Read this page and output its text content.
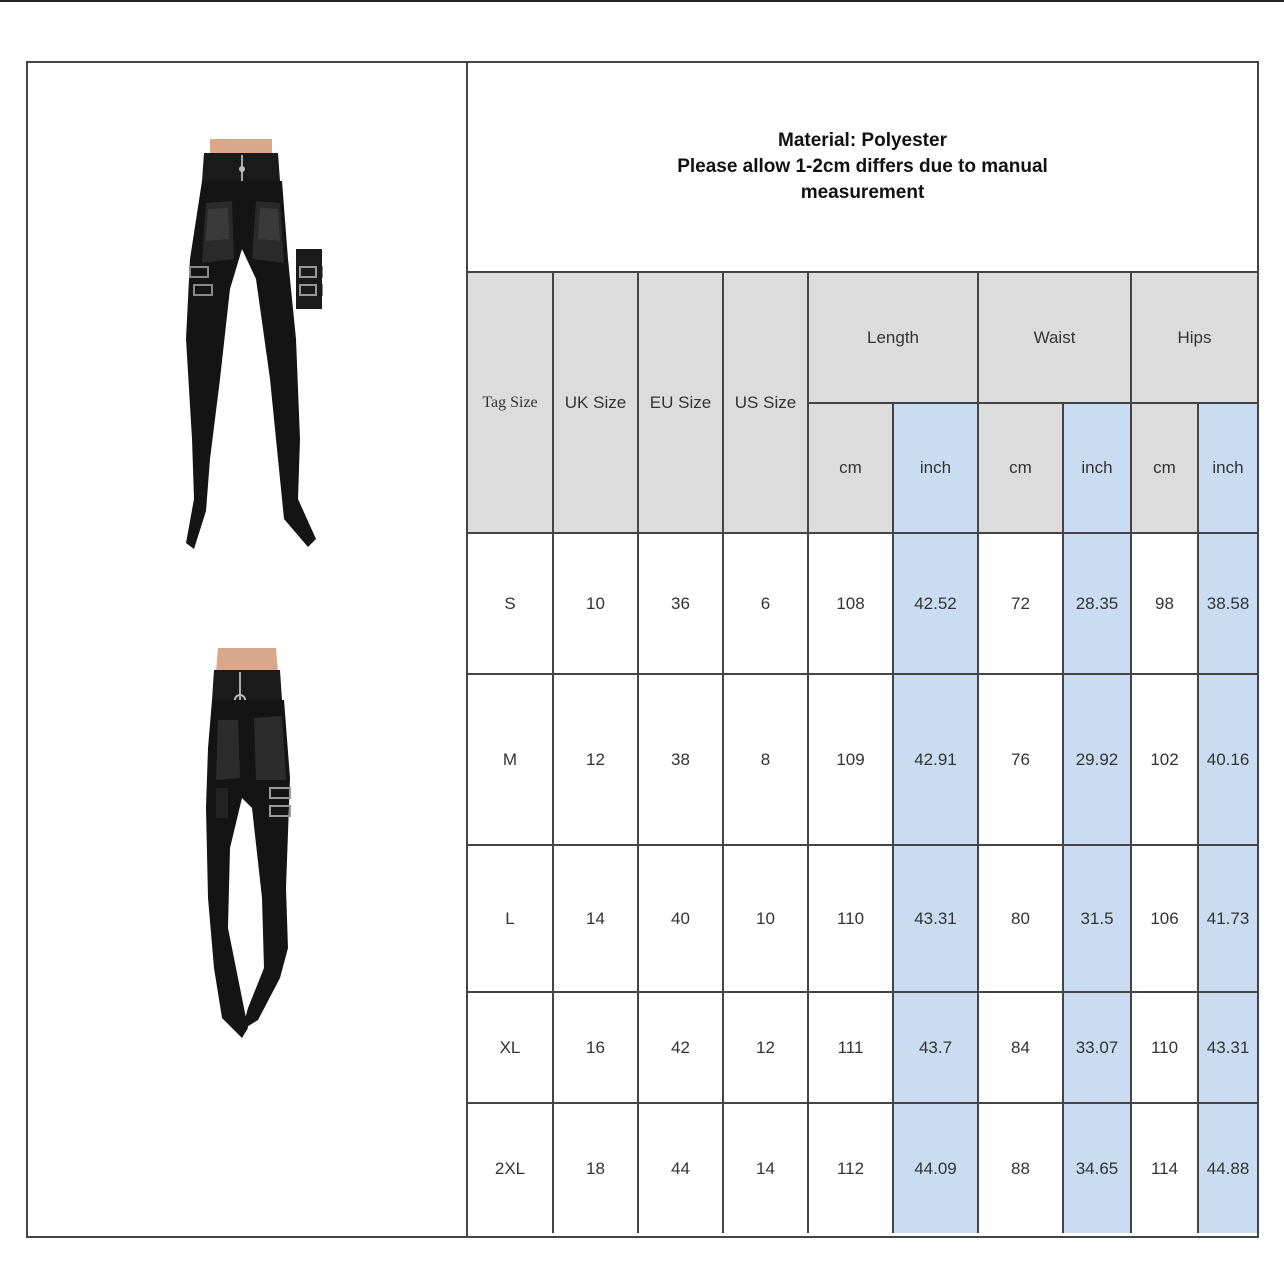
Material: Polyester
Please allow 1-2cm differs due to manual measurement
Tag Size	UK Size	EU Size	US Size	Length		Waist		Hips	
				cm	inch	cm	inch	cm	inch
S	10	36	6	108	42.52	72	28.35	98	38.58
M	12	38	8	109	42.91	76	29.92	102	40.16
L	14	40	10	110	43.31	80	31.5	106	41.73
XL	16	42	12	111	43.7	84	33.07	110	43.31
2XL	18	44	14	112	44.09	88	34.65	114	44.88
